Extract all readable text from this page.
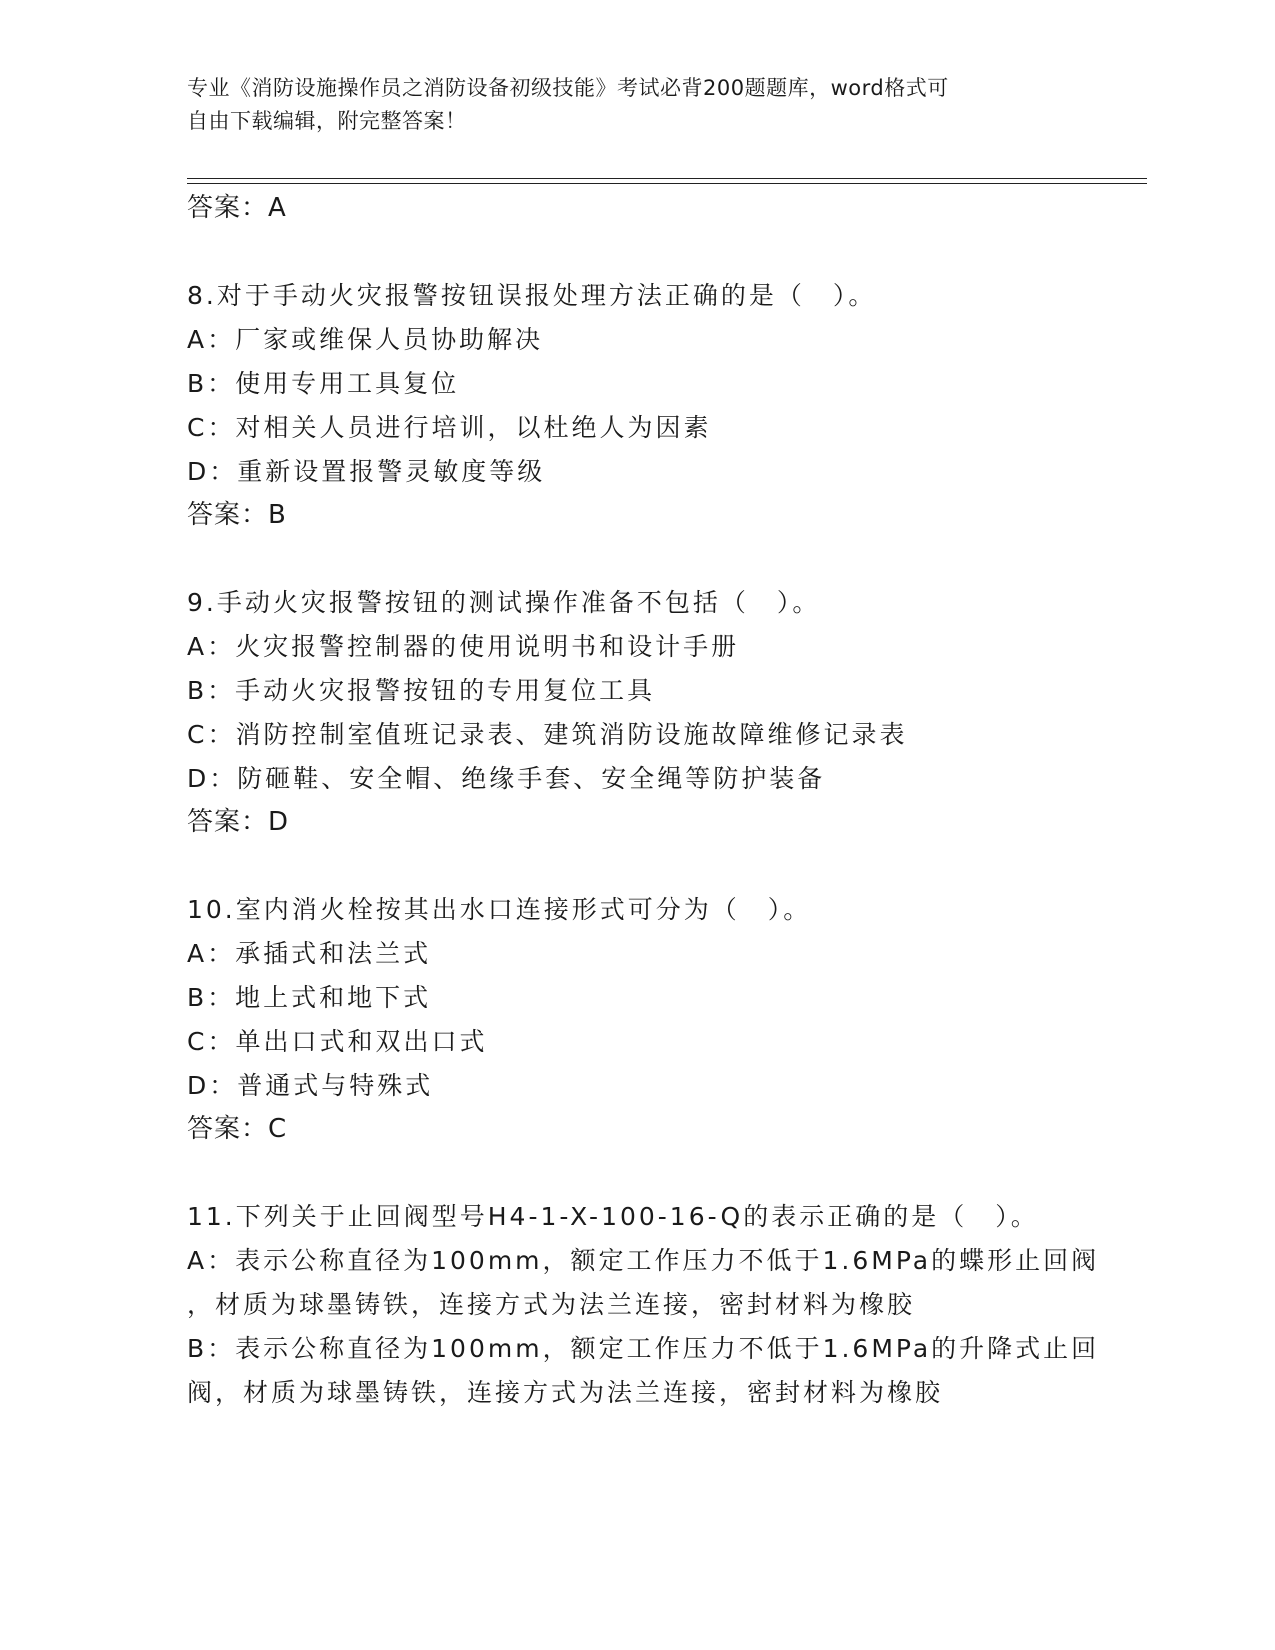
专业《消防设施操作员之消防设备初级技能》考试必背200题题库，word格式可
自由下载编辑，附完整答案！
答案：A
8.对于手动火灾报警按钮误报处理方法正确的是（　）。
A：厂家或维保人员协助解决
B：使用专用工具复位
C：对相关人员进行培训，以杜绝人为因素
D：重新设置报警灵敏度等级
答案：B
9.手动火灾报警按钮的测试操作准备不包括（　）。
A：火灾报警控制器的使用说明书和设计手册
B：手动火灾报警按钮的专用复位工具
C：消防控制室值班记录表、建筑消防设施故障维修记录表
D：防砸鞋、安全帽、绝缘手套、安全绳等防护装备
答案：D
10.室内消火栓按其出水口连接形式可分为（　）。
A：承插式和法兰式
B：地上式和地下式
C：单出口式和双出口式
D：普通式与特殊式
答案：C
11.下列关于止回阀型号H4-1-X-100-16-Q的表示正确的是（　）。
A：表示公称直径为100mm，额定工作压力不低于1.6MPa的蝶形止回阀
，材质为球墨铸铁，连接方式为法兰连接，密封材料为橡胶
B：表示公称直径为100mm，额定工作压力不低于1.6MPa的升降式止回
阀，材质为球墨铸铁，连接方式为法兰连接，密封材料为橡胶
